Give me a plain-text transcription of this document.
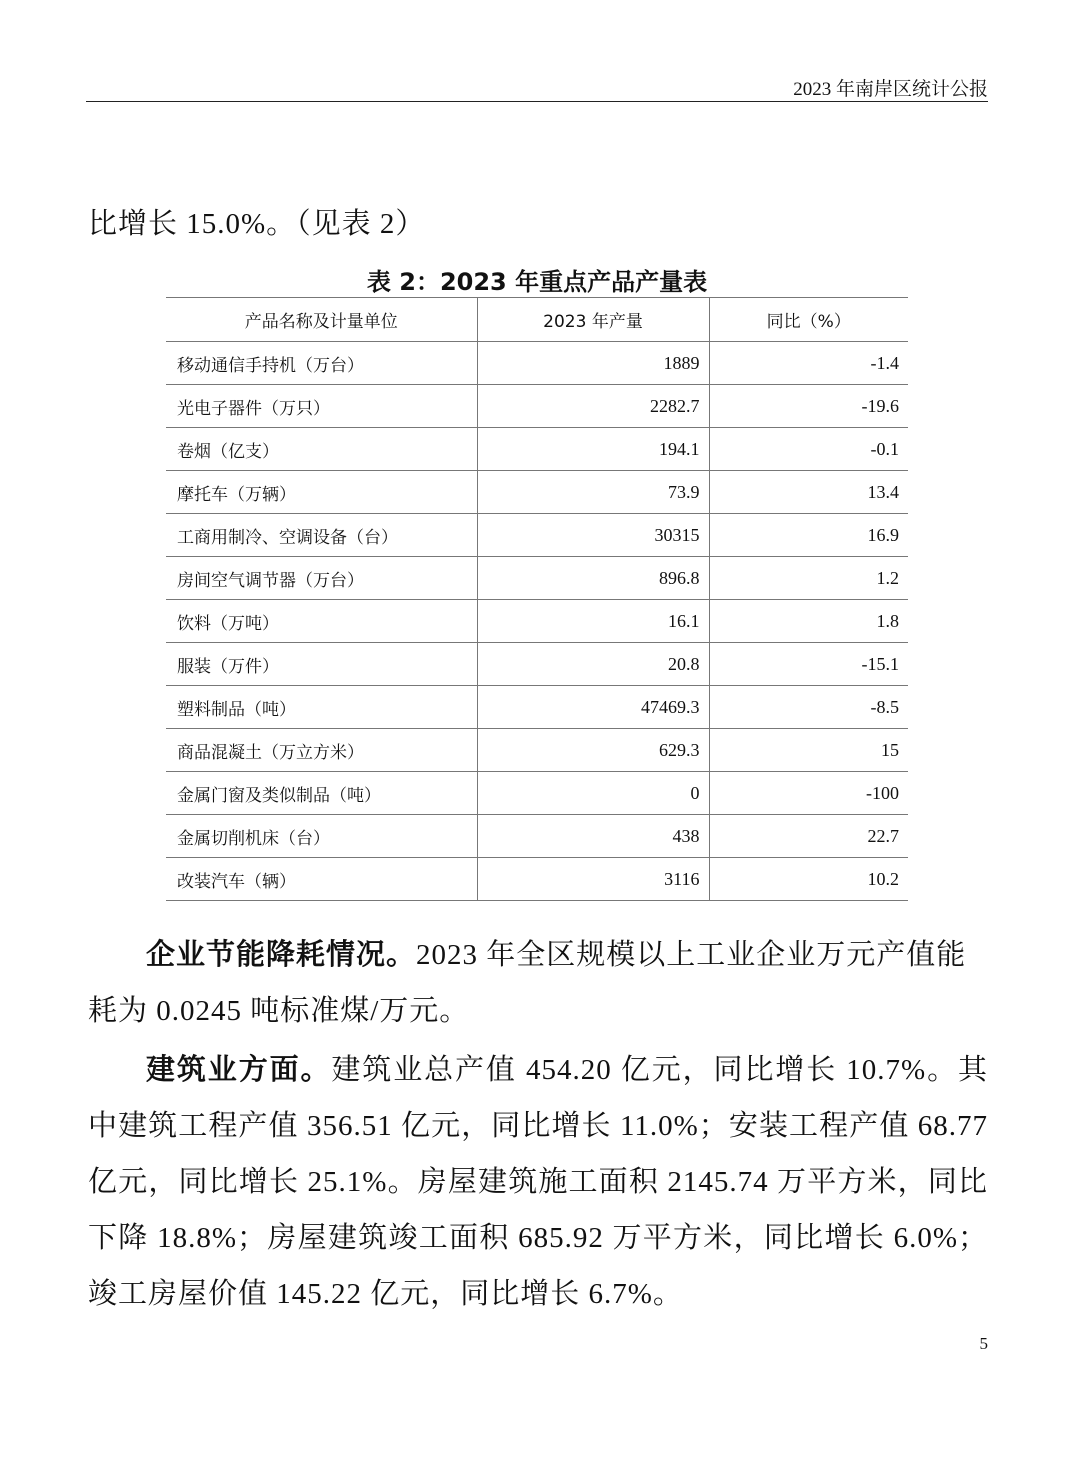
2023 年南岸区统计公报
比增长 15.0%。（见表 2）
表 2：2023 年重点产品产量表
产品名称及计量单位	2023 年产量	同比（%）
移动通信手持机（万台）	1889	-1.4
光电子器件（万只）	2282.7	-19.6
卷烟（亿支）	194.1	-0.1
摩托车（万辆）	73.9	13.4
工商用制冷、空调设备（台）	30315	16.9
房间空气调节器（万台）	896.8	1.2
饮料（万吨）	16.1	1.8
服装（万件）	20.8	-15.1
塑料制品（吨）	47469.3	-8.5
商品混凝土（万立方米）	629.3	15
金属门窗及类似制品（吨）	0	-100
金属切削机床（台）	438	22.7
改装汽车（辆）	3116	10.2
企业节能降耗情况。2023 年全区规模以上工业企业万元产值能耗为 0.0245 吨标准煤/万元。
建筑业方面。建筑业总产值 454.20 亿元，同比增长 10.7%。其中建筑工程产值 356.51 亿元，同比增长 11.0%；安装工程产值 68.77 亿元，同比增长 25.1%。房屋建筑施工面积 2145.74 万平方米，同比下降 18.8%；房屋建筑竣工面积 685.92 万平方米，同比增长 6.0%；竣工房屋价值 145.22 亿元，同比增长 6.7%。
5
